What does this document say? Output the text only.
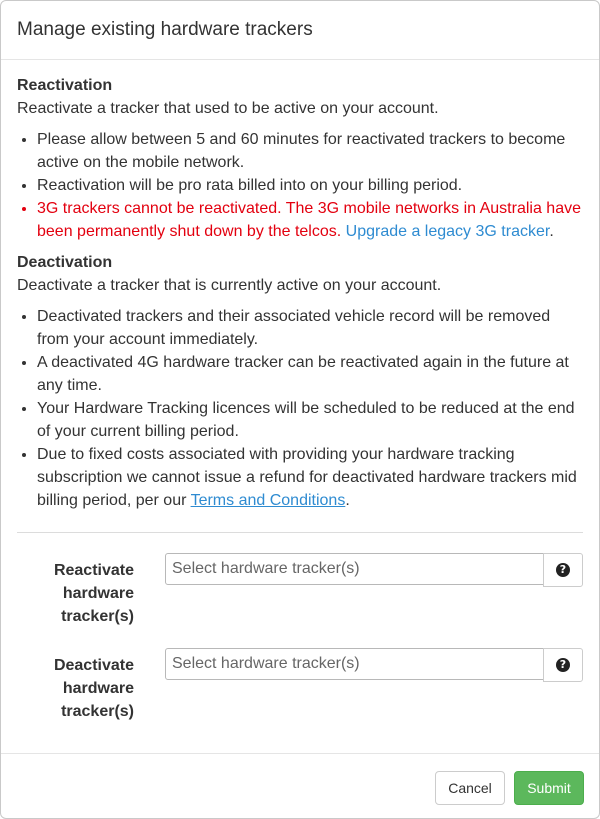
Manage existing hardware trackers

Reactivation

Reactivate a tracker that used to be active on your account.

• Please allow between 5 and 60 minutes for reactivated trackers to become active on the mobile network.
• Reactivation will be pro rata billed into on your billing period.
• 3G trackers cannot be reactivated. The 3G mobile networks in Australia have been permanently shut down by the telcos. Upgrade a legacy 3G tracker.

Deactivation

Deactivate a tracker that is currently active on your account.

• Deactivated trackers and their associated vehicle record will be removed from your account immediately.
• A deactivated 4G hardware tracker can be reactivated again in the future at any time.
• Your Hardware Tracking licences will be scheduled to be reduced at the end of your current billing period.
• Due to fixed costs associated with providing your hardware tracking subscription we cannot issue a refund for deactivated hardware trackers mid billing period, per our Terms and Conditions.
Reactivate hardware tracker(s)
Select hardware tracker(s)
?
Deactivate hardware tracker(s)
Select hardware tracker(s)
?
Cancel	Submit
